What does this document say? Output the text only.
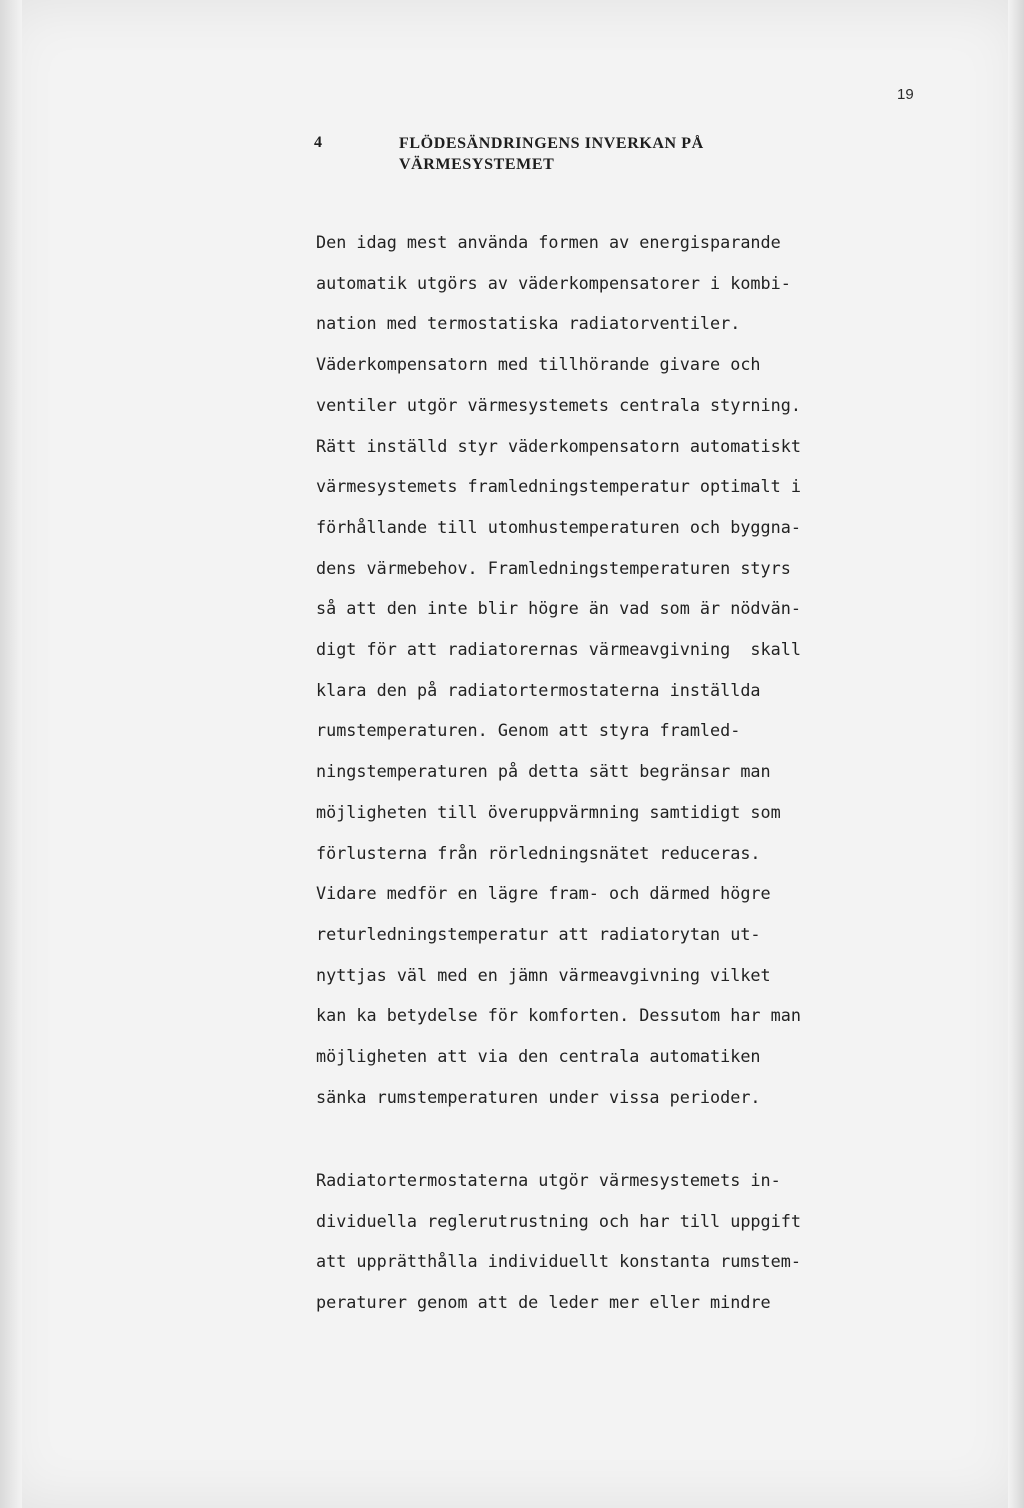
19
4	FLÖDESÄNDRINGENS INVERKAN PÅ
VÄRMESYSTEMET
Den idag mest använda formen av energisparande
automatik utgörs av väderkompensatorer i kombi-
nation med termostatiska radiatorventiler.
Väderkompensatorn med tillhörande givare och
ventiler utgör värmesystemets centrala styrning.
Rätt inställd styr väderkompensatorn automatiskt
värmesystemets framledningstemperatur optimalt i
förhållande till utomhustemperaturen och byggna-
dens värmebehov. Framledningstemperaturen styrs
så att den inte blir högre än vad som är nödvän-
digt för att radiatorernas värmeavgivning  skall
klara den på radiatortermostaterna inställda
rumstemperaturen. Genom att styra framled-
ningstemperaturen på detta sätt begränsar man
möjligheten till överuppvärmning samtidigt som
förlusterna från rörledningsnätet reduceras.
Vidare medför en lägre fram- och därmed högre
returledningstemperatur att radiatorytan ut-
nyttjas väl med en jämn värmeavgivning vilket
kan ka betydelse för komforten. Dessutom har man
möjligheten att via den centrala automatiken
sänka rumstemperaturen under vissa perioder.
Radiatortermostaterna utgör värmesystemets in-
dividuella reglerutrustning och har till uppgift
att upprätthålla individuellt konstanta rumstem-
peraturer genom att de leder mer eller mindre
